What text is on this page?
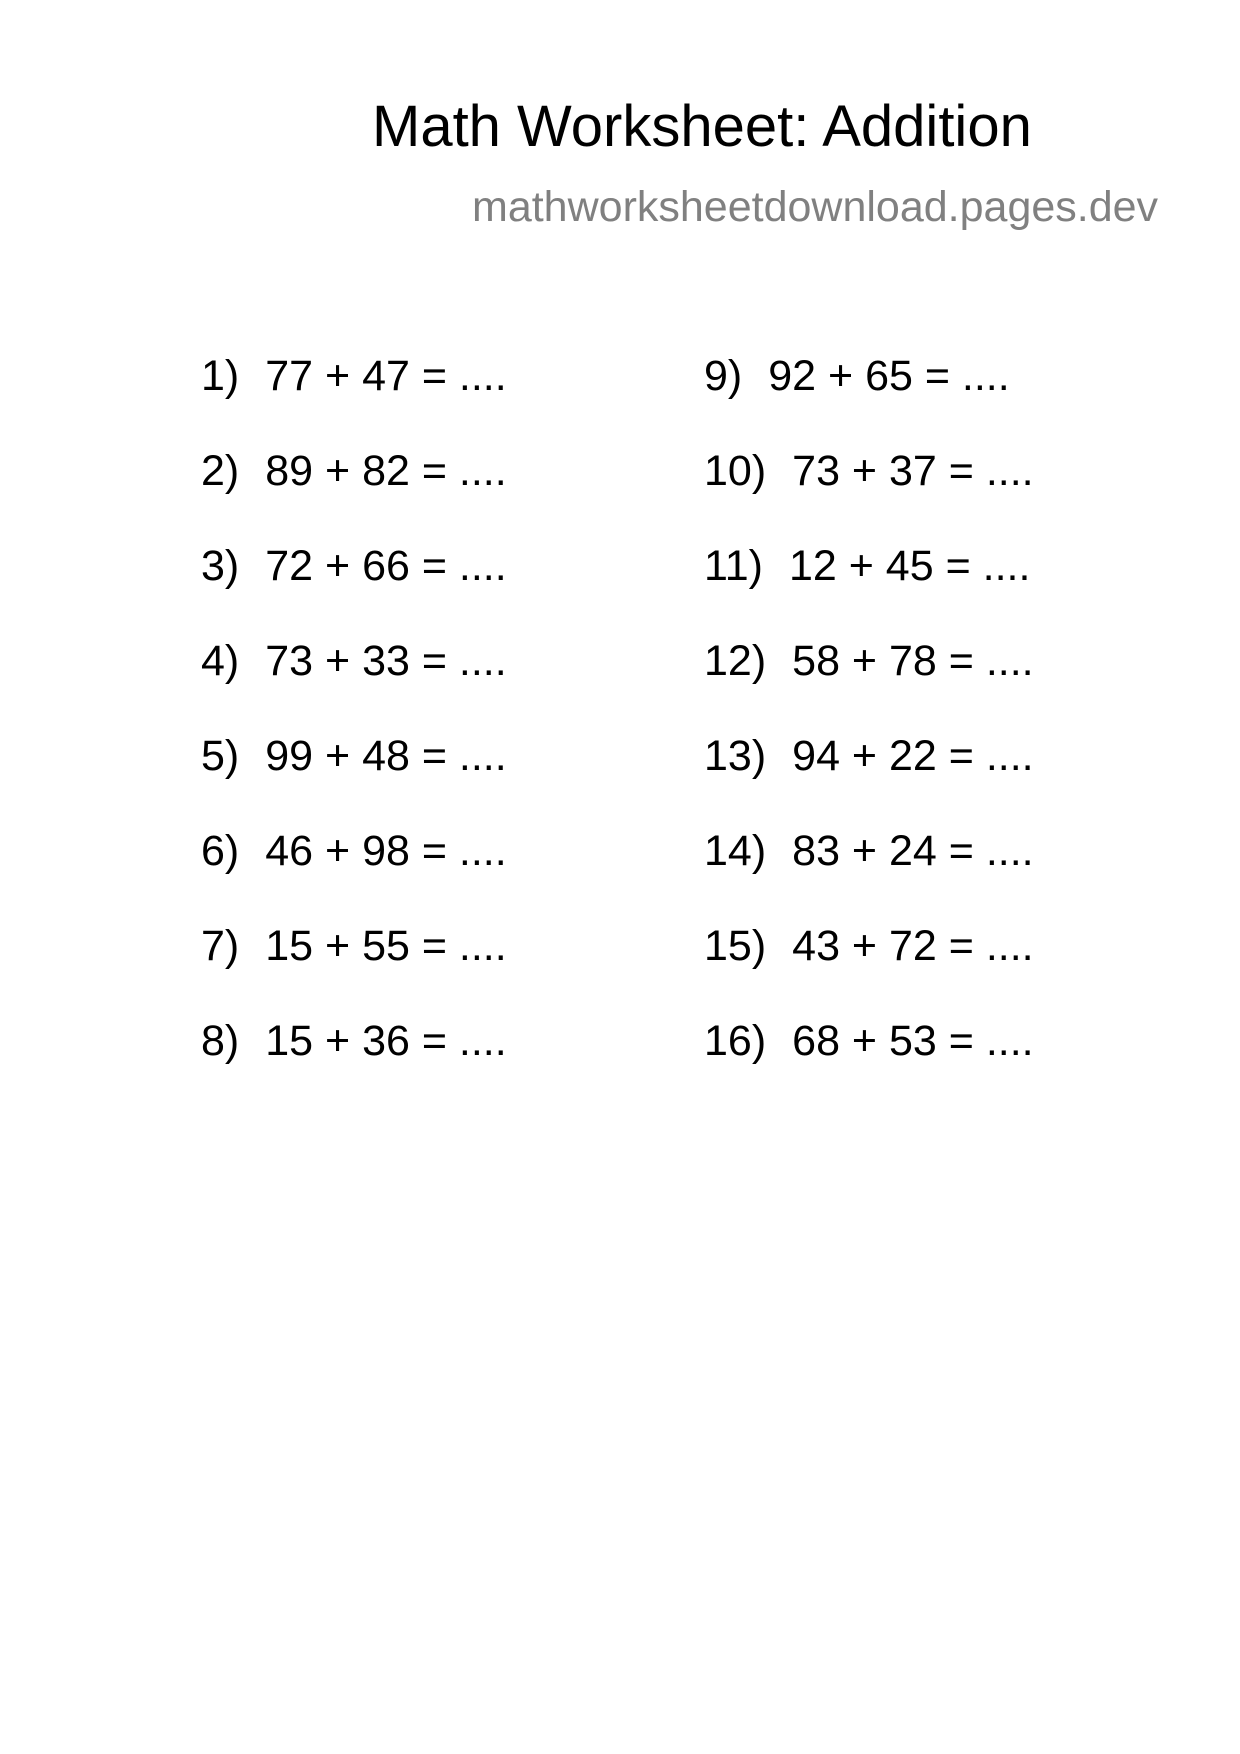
Math Worksheet: Addition
mathworksheetdownload.pages.dev
1) 77 + 47 = ....
2) 89 + 82 = ....
3) 72 + 66 = ....
4) 73 + 33 = ....
5) 99 + 48 = ....
6) 46 + 98 = ....
7) 15 + 55 = ....
8) 15 + 36 = ....
9) 92 + 65 = ....
10) 73 + 37 = ....
11) 12 + 45 = ....
12) 58 + 78 = ....
13) 94 + 22 = ....
14) 83 + 24 = ....
15) 43 + 72 = ....
16) 68 + 53 = ....
